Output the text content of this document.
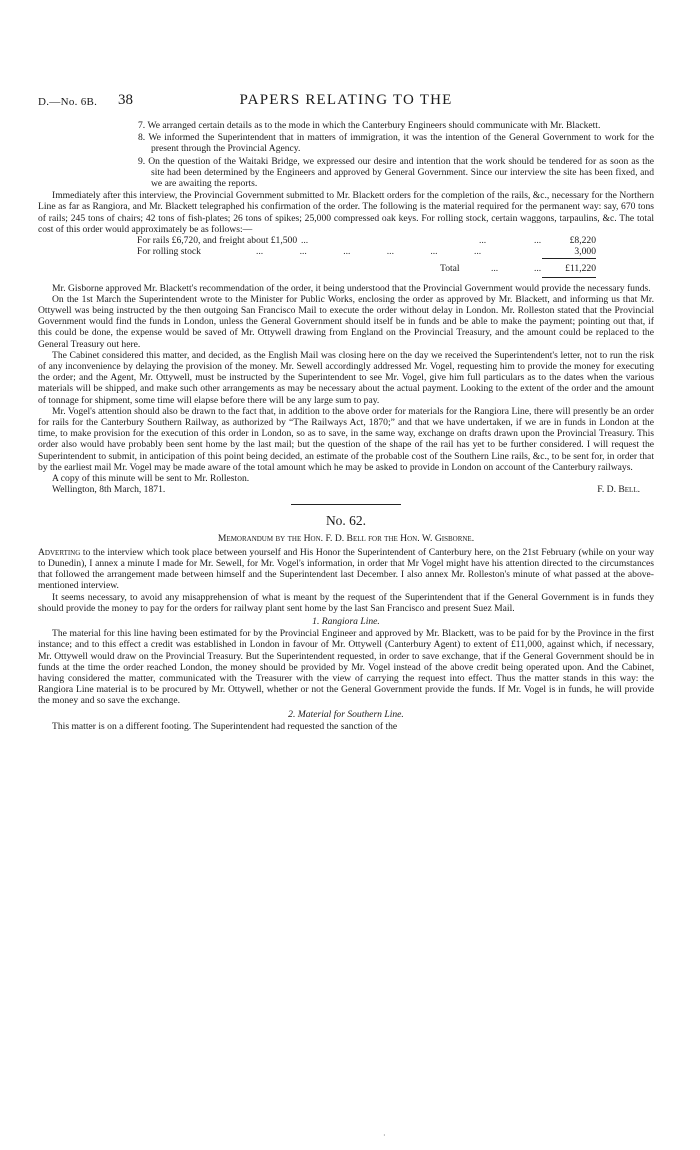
D.—No. 6B. 38	PAPERS RELATING TO THE

7. We arranged certain details as to the mode in which the Canterbury Engineers should communicate with Mr. Blackett.

8. We informed the Superintendent that in matters of immigration, it was the intention of the General Government to work for the present through the Provincial Agency.

9. On the question of the Waitaki Bridge, we expressed our desire and intention that the work should be tendered for as soon as the site had been determined by the Engineers and approved by General Government. Since our interview the site has been fixed, and we are awaiting the reports.

Immediately after this interview, the Provincial Government submitted to Mr. Blackett orders for the completion of the rails, &c., necessary for the Northern Line as far as Rangiora, and Mr. Blackett telegraphed his confirmation of the order. The following is the material required for the permanent way: say, 670 tons of rails; 245 tons of chairs; 42 tons of fish-plates; 26 tons of spikes; 25,000 compressed oak keys. For rolling stock, certain waggons, tarpaulins, &c. The total cost of this order would approximately be as follows:—

For rails £6,720, and freight about £1,500 ...	...	...	£8,220
For rolling stock	... ... ... ... ... ...	3,000
Total	...	... £11,220

Mr. Gisborne approved Mr. Blackett's recommendation of the order, it being understood that the Provincial Government would provide the necessary funds.

On the 1st March the Superintendent wrote to the Minister for Public Works, enclosing the order as approved by Mr. Blackett, and informing us that Mr. Ottywell was being instructed by the then outgoing San Francisco Mail to execute the order without delay in London. Mr. Rolleston stated that the Provincial Government would find the funds in London, unless the General Government should itself be in funds and be able to make the payment; pointing out that, if this could be done, the expense would be saved of Mr. Ottywell drawing from England on the Provincial Treasury, and the amount could be replaced to the General Treasury out here.

The Cabinet considered this matter, and decided, as the English Mail was closing here on the day we received the Superintendent's letter, not to run the risk of any inconvenience by delaying the provision of the money. Mr. Sewell accordingly addressed Mr. Vogel, requesting him to provide the money for executing the order; and the Agent, Mr. Ottywell, must be instructed by the Superintendent to see Mr. Vogel, give him full particulars as to the dates when the various materials will be shipped, and make such other arrangements as may be necessary about the actual payment. Looking to the extent of the order and the amount of tonnage for shipment, some time will elapse before there will be any large sum to pay.

Mr. Vogel's attention should also be drawn to the fact that, in addition to the above order for materials for the Rangiora Line, there will presently be an order for rails for the Canterbury Southern Railway, as authorized by “The Railways Act, 1870;” and that we have undertaken, if we are in funds in London at the time, to make provision for the execution of this order in London, so as to save, in the same way, exchange on drafts drawn upon the Provincial Treasury. This order also would have probably been sent home by the last mail; but the question of the shape of the rail has yet to be further considered. I will request the Superintendent to submit, in anticipation of this point being decided, an estimate of the probable cost of the Southern Line rails, &c., to be sent for, in order that by the earliest mail Mr. Vogel may be made aware of the total amount which he may be asked to provide in London on account of the Canterbury railways.

A copy of this minute will be sent to Mr. Rolleston.

Wellington, 8th March, 1871.	F. D. Bell.
No. 62.
Memorandum by the Hon. F. D. Bell for the Hon. W. Gisborne.

Adverting to the interview which took place between yourself and His Honor the Superintendent of Canterbury here, on the 21st February (while on your way to Dunedin), I annex a minute I made for Mr. Sewell, for Mr. Vogel's information, in order that Mr Vogel might have his attention directed to the circumstances that followed the arrangement made between himself and the Superintendent last December. I also annex Mr. Rolleston's minute of what passed at the above-mentioned interview.

It seems necessary, to avoid any misapprehension of what is meant by the request of the Superintendent that if the General Government is in funds they should provide the money to pay for the orders for railway plant sent home by the last San Francisco and present Suez Mail.

1. Rangiora Line.

The material for this line having been estimated for by the Provincial Engineer and approved by Mr. Blackett, was to be paid for by the Province in the first instance; and to this effect a credit was established in London in favour of Mr. Ottywell (Canterbury Agent) to extent of £11,000, against which, if necessary, Mr. Ottywell would draw on the Provincial Treasury. But the Superintendent requested, in order to save exchange, that if the General Government should be in funds at the time the order reached London, the money should be provided by Mr. Vogel instead of the above credit being operated upon. And the Cabinet, having considered the matter, communicated with the Treasurer with the view of carrying the request into effect. Thus the matter stands in this way: the Rangiora Line material is to be procured by Mr. Ottywell, whether or not the General Government provide the funds. If Mr. Vogel is in funds, he will provide the money and so save the exchange.

2. Material for Southern Line.

This matter is on a different footing. The Superintendent had requested the sanction of the

·
